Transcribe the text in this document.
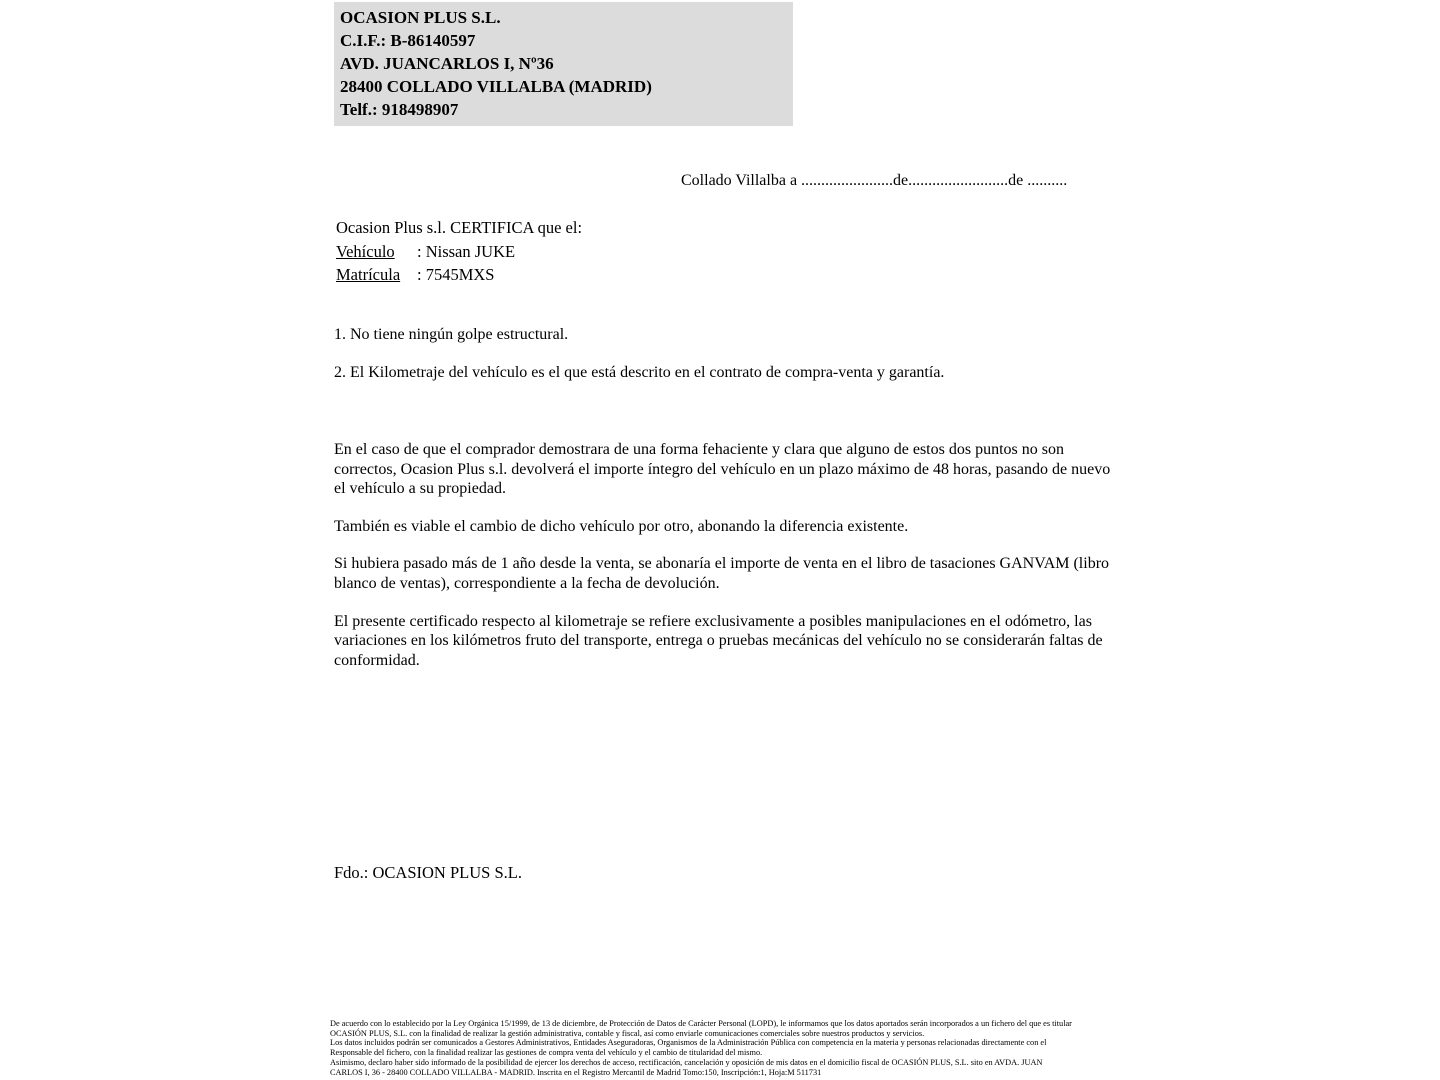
OCASION PLUS S.L.
C.I.F.: B-86140597
AVD. JUANCARLOS I, Nº36
28400 COLLADO VILLALBA (MADRID)
Telf.: 918498907
Collado Villalba a .......................de.........................de ..........
Ocasion Plus s.l. CERTIFICA que el:
Vehículo : Nissan JUKE
Matrícula : 7545MXS

1. No tiene ningún golpe estructural.

2. El Kilometraje del vehículo es el que está descrito en el contrato de compra-venta y garantía.

En el caso de que el comprador demostrara de una forma fehaciente y clara que alguno de estos dos puntos no son correctos, Ocasion Plus s.l. devolverá el importe íntegro del vehículo en un plazo máximo de 48 horas, pasando de nuevo el vehículo a su propiedad.

También es viable el cambio de dicho vehículo por otro, abonando la diferencia existente.

Si hubiera pasado más de 1 año desde la venta, se abonaría el importe de venta en el libro de tasaciones GANVAM (libro blanco de ventas), correspondiente a la fecha de devolución.

El presente certificado respecto al kilometraje se refiere exclusivamente a posibles manipulaciones en el odómetro, las variaciones en los kilómetros fruto del transporte, entrega o pruebas mecánicas del vehículo no se considerarán faltas de conformidad.

Fdo.: OCASION PLUS S.L.
De acuerdo con lo establecido por la Ley Orgánica 15/1999, de 13 de diciembre, de Protección de Datos de Carácter Personal (LOPD), le informamos que los datos aportados serán incorporados a un fichero del que es titular
OCASIÓN PLUS, S.L. con la finalidad de realizar la gestión administrativa, contable y fiscal, así como enviarle comunicaciones comerciales sobre nuestros productos y servicios.
Los datos incluidos podrán ser comunicados a Gestores Administrativos, Entidades Aseguradoras, Organismos de la Administración Pública con competencia en la materia y personas relacionadas directamente con el
Responsable del fichero, con la finalidad realizar las gestiones de compra venta del vehículo y el cambio de titularidad del mismo.
Asimismo, declaro haber sido informado de la posibilidad de ejercer los derechos de acceso, rectificación, cancelación y oposición de mis datos en el domicilio fiscal de OCASIÓN PLUS, S.L. sito en AVDA. JUAN
CARLOS I, 36 - 28400 COLLADO VILLALBA - MADRID. Inscrita en el Registro Mercantil de Madrid Tomo:150, Inscripción:1, Hoja:M 511731
